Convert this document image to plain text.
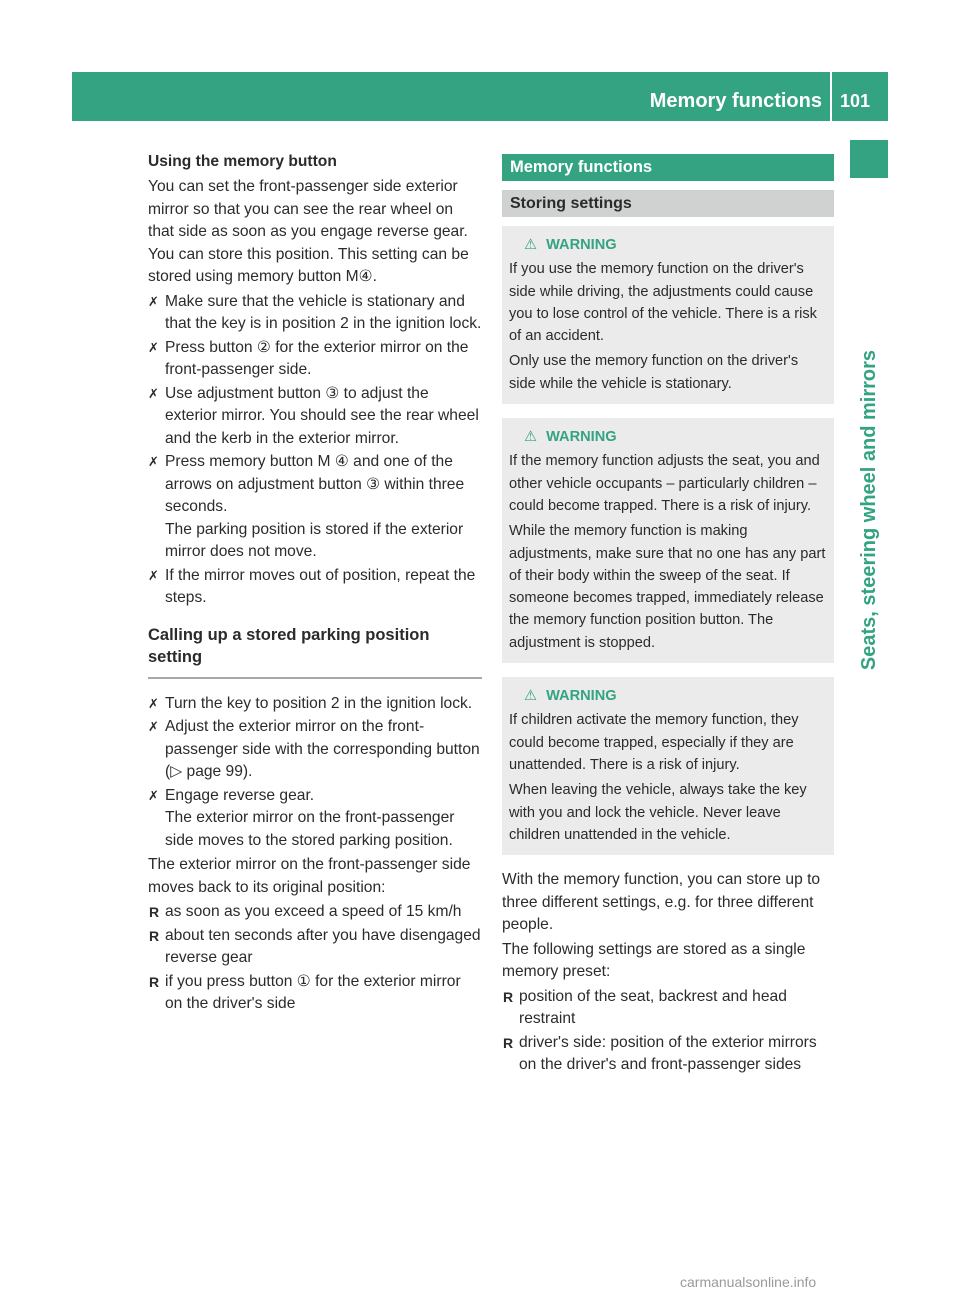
Memory functions 101
Seats, steering wheel and mirrors
Using the memory button

You can set the front-passenger side exterior mirror so that you can see the rear wheel on that side as soon as you engage reverse gear. You can store this position. This setting can be stored using memory button M④.

✗ Make sure that the vehicle is stationary and that the key is in position 2 in the ignition lock.
✗ Press button ② for the exterior mirror on the front-passenger side.
✗ Use adjustment button ③ to adjust the exterior mirror. You should see the rear wheel and the kerb in the exterior mirror.
✗ Press memory button M ④ and one of the arrows on adjustment button ③ within three seconds.
The parking position is stored if the exterior mirror does not move.
✗ If the mirror moves out of position, repeat the steps.
Calling up a stored parking position setting
✗ Turn the key to position 2 in the ignition lock.
✗ Adjust the exterior mirror on the front-passenger side with the corresponding button (▷ page 99).
✗ Engage reverse gear.
The exterior mirror on the front-passenger side moves to the stored parking position.

The exterior mirror on the front-passenger side moves back to its original position:

R as soon as you exceed a speed of 15 km/h
R about ten seconds after you have disengaged reverse gear
R if you press button ① for the exterior mirror on the driver's side
Memory functions
Storing settings
⚠ WARNING

If you use the memory function on the driver's side while driving, the adjustments could cause you to lose control of the vehicle. There is a risk of an accident.

Only use the memory function on the driver's side while the vehicle is stationary.

⚠ WARNING

If the memory function adjusts the seat, you and other vehicle occupants – particularly children – could become trapped. There is a risk of injury.

While the memory function is making adjustments, make sure that no one has any part of their body within the sweep of the seat. If someone becomes trapped, immediately release the memory function position button. The adjustment is stopped.

⚠ WARNING

If children activate the memory function, they could become trapped, especially if they are unattended. There is a risk of injury.

When leaving the vehicle, always take the key with you and lock the vehicle. Never leave children unattended in the vehicle.

With the memory function, you can store up to three different settings, e.g. for three different people.

The following settings are stored as a single memory preset:

R position of the seat, backrest and head restraint
R driver's side: position of the exterior mirrors on the driver's and front-passenger sides
carmanualsonline.info
